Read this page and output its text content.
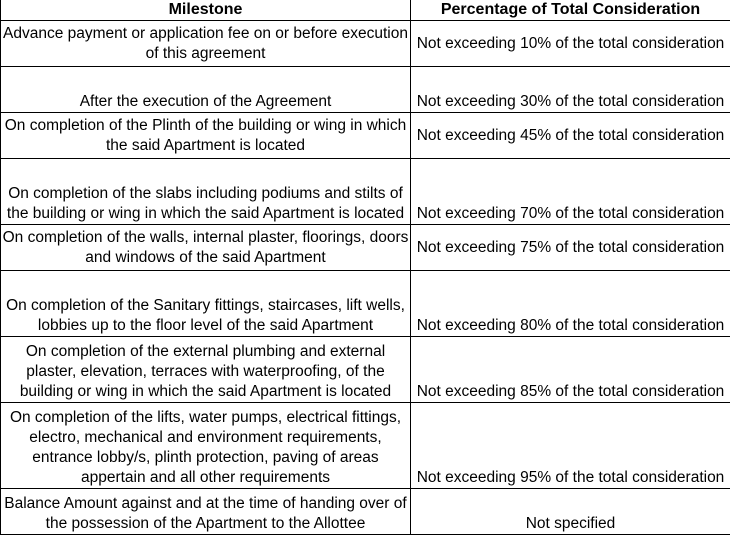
Milestone	Percentage of Total Consideration
Advance payment or application fee on or before execution of this agreement	Not exceeding 10% of the total consideration
After the execution of the Agreement	Not exceeding 30% of the total consideration
On completion of the Plinth of the building or wing in which the said Apartment is located	Not exceeding 45% of the total consideration
On completion of the slabs including podiums and stilts of the building or wing in which the said Apartment is located	Not exceeding 70% of the total consideration
On completion of the walls, internal plaster, floorings, doors and windows of the said Apartment	Not exceeding 75% of the total consideration
On completion of the Sanitary fittings, staircases, lift wells, lobbies up to the floor level of the said Apartment	Not exceeding 80% of the total consideration
On completion of the external plumbing and external plaster, elevation, terraces with waterproofing, of the building or wing in which the said Apartment is located	Not exceeding 85% of the total consideration
On completion of the lifts, water pumps, electrical fittings, electro, mechanical and environment requirements, entrance lobby/s, plinth protection, paving of areas appertain and all other requirements	Not exceeding 95% of the total consideration
Balance Amount against and at the time of handing over of the possession of the Apartment to the Allottee	Not specified
